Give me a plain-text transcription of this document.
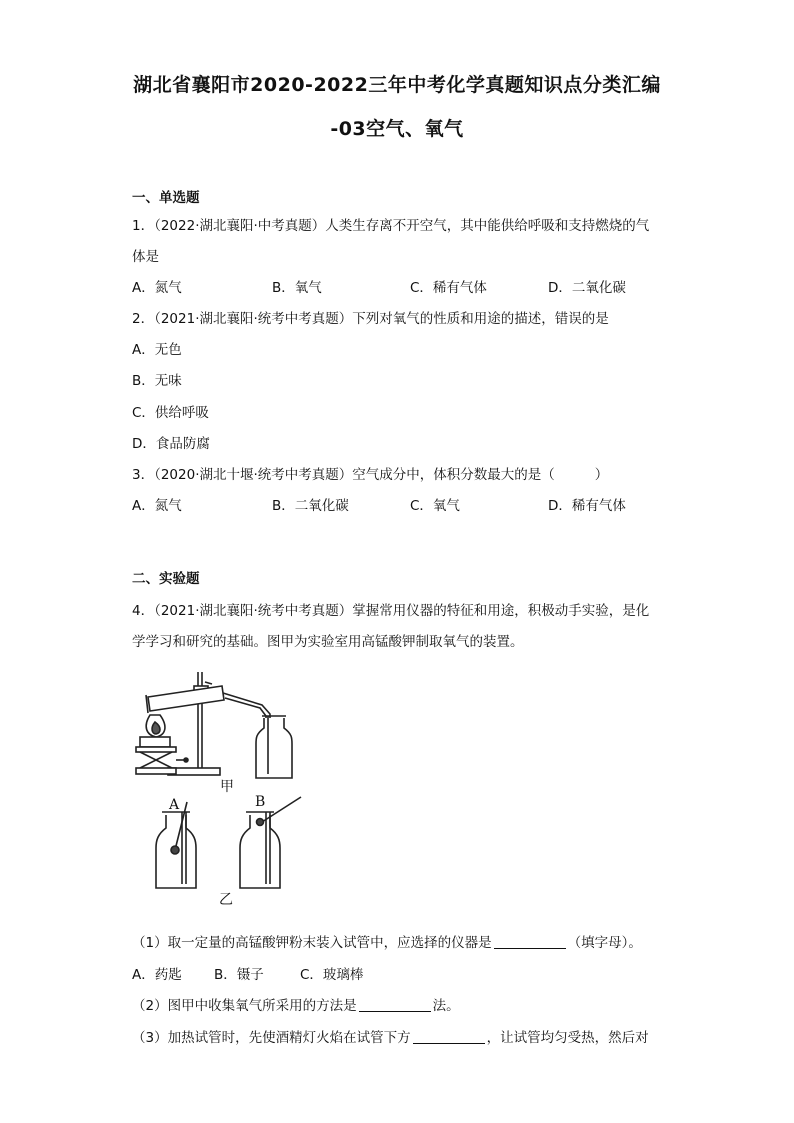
湖北省襄阳市2020-2022三年中考化学真题知识点分类汇编
-03空气、氧气
一、单选题
1．（2022·湖北襄阳·中考真题）人类生存离不开空气，其中能供给呼吸和支持燃烧的气
体是
A．氮气	B．氧气	C．稀有气体	D．二氧化碳
2．（2021·湖北襄阳·统考中考真题）下列对氧气的性质和用途的描述，错误的是
A．无色
B．无味
C．供给呼吸
D．食品防腐
3．（2020·湖北十堰·统考中考真题）空气成分中，体积分数最大的是（	）
A．氮气	B．二氧化碳	C．氧气	D．稀有气体
二、实验题
4．（2021·湖北襄阳·统考中考真题）掌握常用仪器的特征和用途，积极动手实验，是化
学学习和研究的基础。图甲为实验室用高锰酸钾制取氧气的装置。
甲
乙
A	B
（1）取一定量的高锰酸钾粉末装入试管中，应选择的仪器是	（填字母）。
A．药匙 B．镊子	C．玻璃棒
（2）图甲中收集氧气所采用的方法是	法。
（3）加热试管时，先使酒精灯火焰在试管下方	，让试管均匀受热，然后对
